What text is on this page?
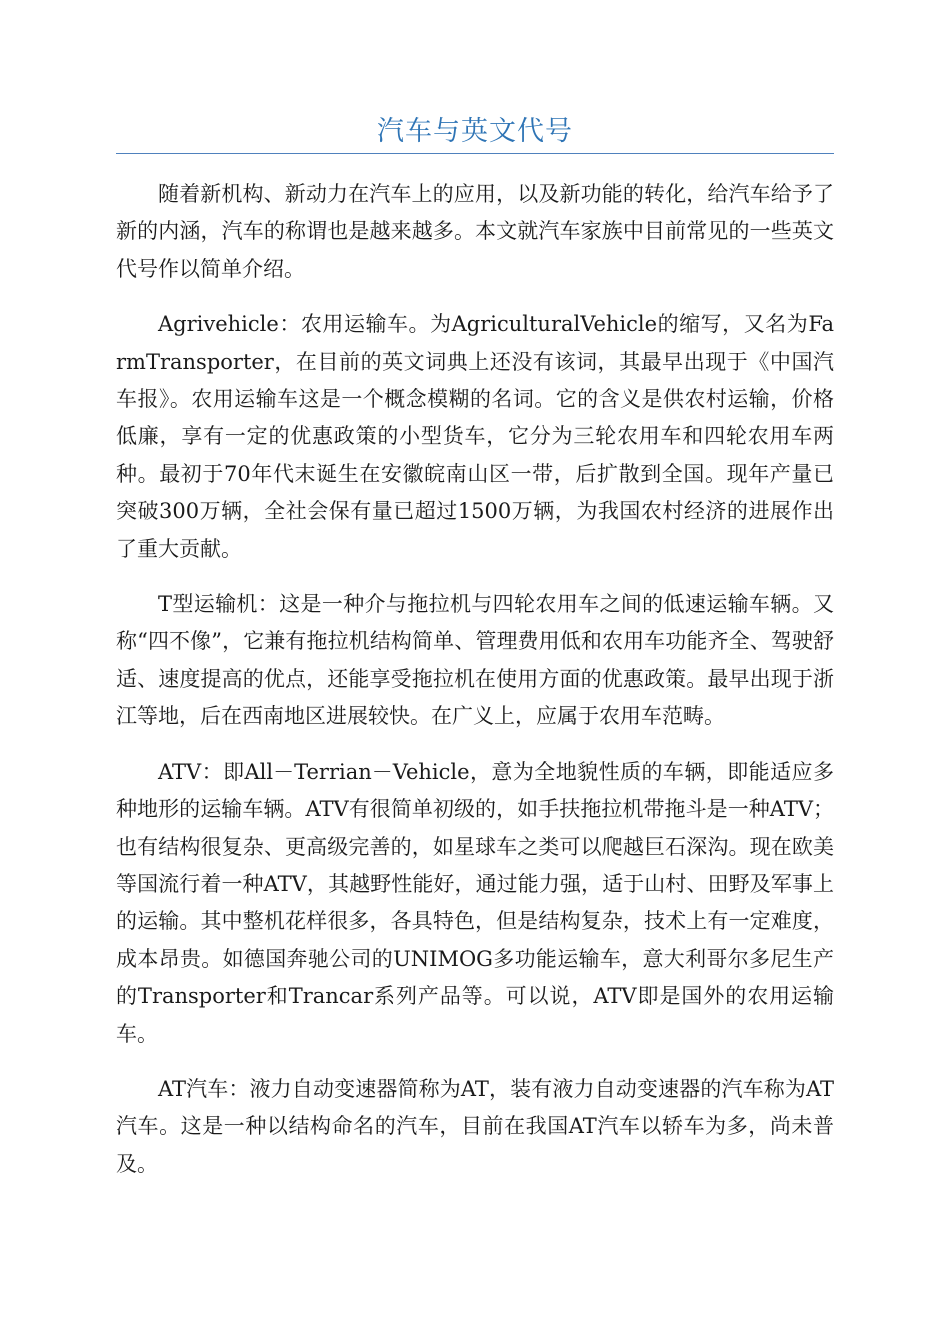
汽车与英文代号

随着新机构、新动力在汽车上的应用，以及新功能的转化，给汽车给予了新的内涵，汽车的称谓也是越来越多。本文就汽车家族中目前常见的一些英文代号作以简单介绍。

Agrivehicle：农用运输车。为AgriculturalVehicle的缩写，又名为FarmTransporter，在目前的英文词典上还没有该词，其最早出现于《中国汽车报》。农用运输车这是一个概念模糊的名词。它的含义是供农村运输，价格低廉，享有一定的优惠政策的小型货车，它分为三轮农用车和四轮农用车两种。最初于70年代末诞生在安徽皖南山区一带，后扩散到全国。现年产量已突破300万辆，全社会保有量已超过1500万辆，为我国农村经济的进展作出了重大贡献。

T型运输机：这是一种介与拖拉机与四轮农用车之间的低速运输车辆。又称“四不像”，它兼有拖拉机结构简单、管理费用低和农用车功能齐全、驾驶舒适、速度提高的优点，还能享受拖拉机在使用方面的优惠政策。最早出现于浙江等地，后在西南地区进展较快。在广义上，应属于农用车范畴。

ATV：即All－Terrian－Vehicle，意为全地貌性质的车辆，即能适应多种地形的运输车辆。ATV有很简单初级的，如手扶拖拉机带拖斗是一种ATV；也有结构很复杂、更高级完善的，如星球车之类可以爬越巨石深沟。现在欧美等国流行着一种ATV，其越野性能好，通过能力强，适于山村、田野及军事上的运输。其中整机花样很多，各具特色，但是结构复杂，技术上有一定难度，成本昂贵。如德国奔驰公司的UNIMOG多功能运输车，意大利哥尔多尼生产的Transporter和Trancar系列产品等。可以说，ATV即是国外的农用运输车。

AT汽车：液力自动变速器简称为AT，装有液力自动变速器的汽车称为AT汽车。这是一种以结构命名的汽车，目前在我国AT汽车以轿车为多，尚未普及。
